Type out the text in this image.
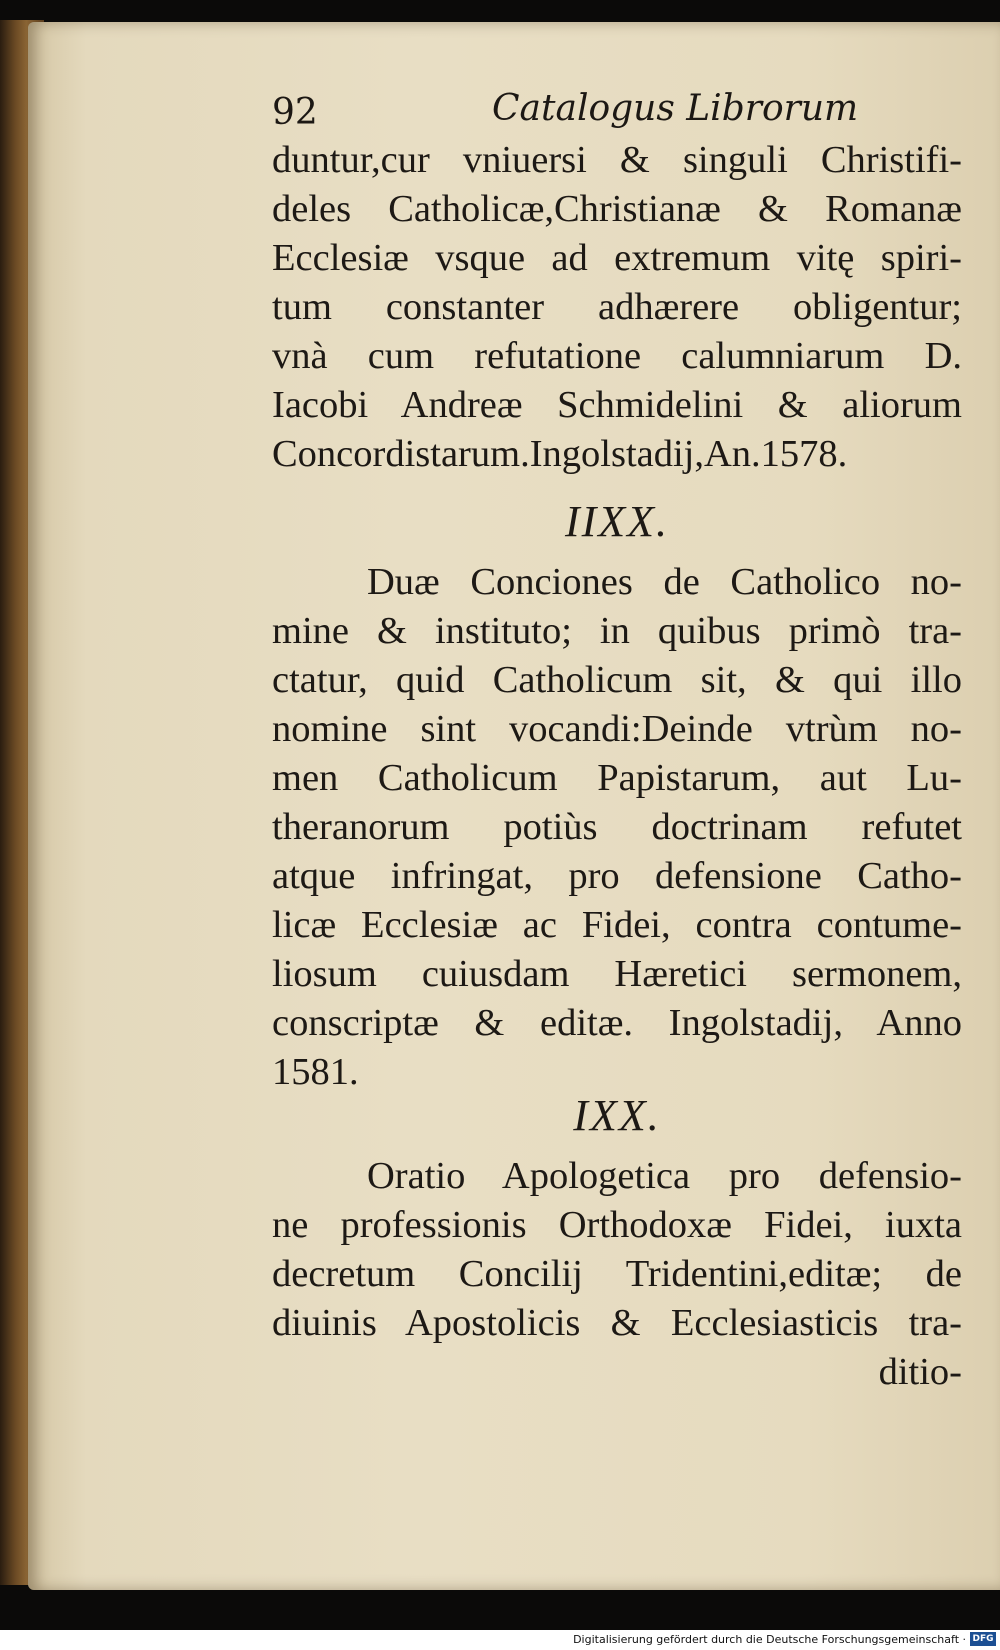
92	Catalogus Librorum
duntur,cur vniuersi & singuli Christifi-
deles Catholicæ,Christianæ & Romanæ
Ecclesiæ vsque ad extremum vitę spiri-
tum constanter adhærere obligentur;
vnà cum refutatione calumniarum D.
Iacobi Andreæ Schmidelini & aliorum
Concordistarum.Ingolstadij,An.1578.
IIXX.
Duæ Conciones de Catholico no-
mine & instituto; in quibus primò tra-
ctatur, quid Catholicum sit, & qui illo
nomine sint vocandi:Deinde vtrùm no-
men Catholicum Papistarum, aut Lu-
theranorum potiùs doctrinam refutet
atque infringat, pro defensione Catho-
licæ Ecclesiæ ac Fidei, contra contume-
liosum cuiusdam Hæretici sermonem,
conscriptæ & editæ. Ingolstadij, Anno
1581.
IXX.
Oratio Apologetica pro defensio-
ne professionis Orthodoxæ Fidei, iuxta
decretum Concilij Tridentini,editæ; de
diuinis Apostolicis & Ecclesiasticis tra-
ditio-
Digitalisierung gefördert durch die Deutsche Forschungsgemeinschaft · DFG
